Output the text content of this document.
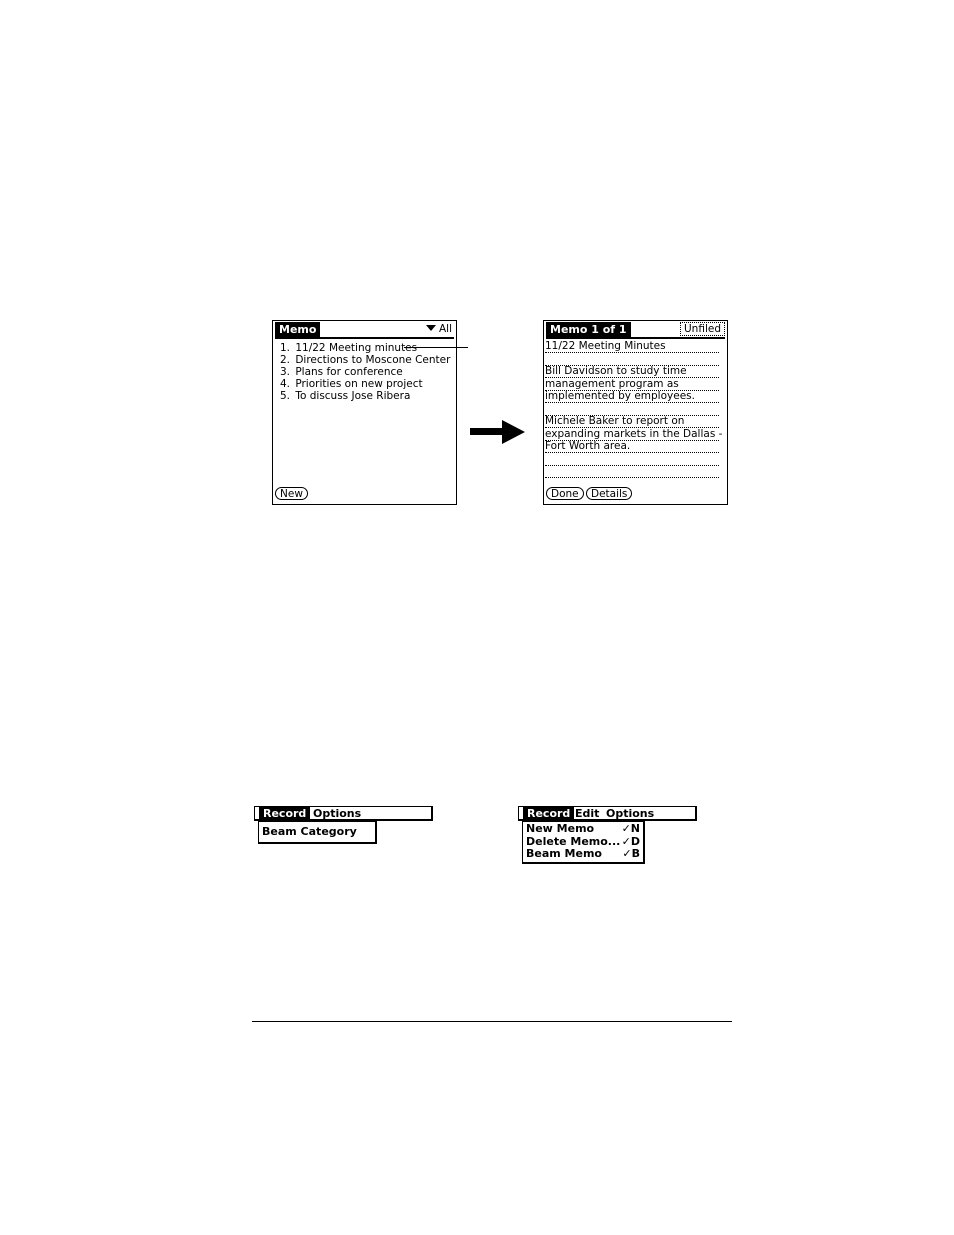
Memo	All
1. 11/22 Meeting minutes
2. Directions to Moscone Center
3. Plans for conference
4. Priorities on new project
5. To discuss Jose Ribera
New
Memo 1 of 1	Unfiled
11/22 Meeting Minutes
Bill Davidson to study time
management program as
implemented by employees.
Michele Baker to report on
expanding markets in the Dallas -
Fort Worth area.
Done	Details
Record Options
Beam Category
Record Edit Options
New Memo ✓N
Delete Memo... ✓D
Beam Memo ✓B
